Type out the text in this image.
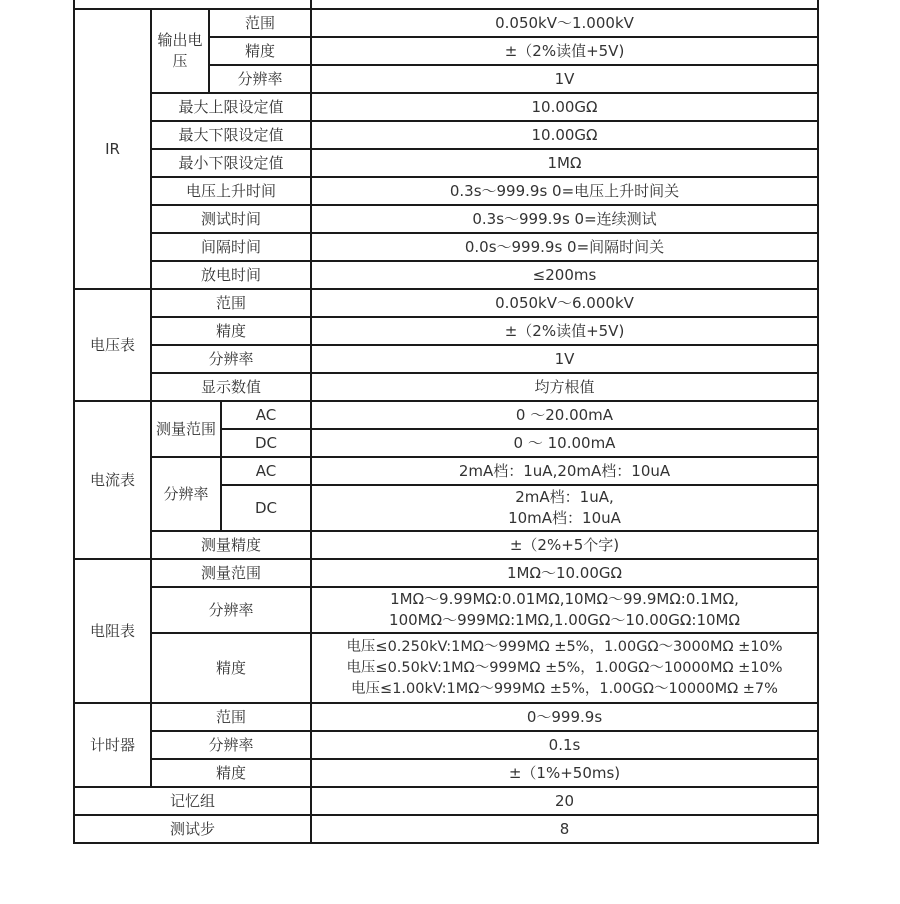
IR	输出电压	范围		0.050kV～1.000kV
		精度		±（2%读值+5V)
		分辨率		1V
	最大上限设定值			10.00GΩ
	最大下限设定值			10.00GΩ
	最小下限设定值			1MΩ
	电压上升时间			0.3s～999.9s 0=电压上升时间关
	测试时间			0.3s～999.9s 0=连续测试
	间隔时间			0.0s～999.9s 0=间隔时间关
	放电时间			≤200ms
电压表	范围			0.050kV～6.000kV
	精度			±（2%读值+5V)
	分辨率			1V
	显示数值			均方根值
电流表	测量范围		AC	0 ～20.00mA
			DC	0 ～ 10.00mA
	分辨率		AC	2mA档：1uA,20mA档：10uA
			DC	2mA档：1uA,
10mA档：10uA

	测量精度			±（2%+5个字)
电阻表	测量范围			1MΩ～10.00GΩ
	分辨率			1MΩ～9.99MΩ:0.01MΩ,10MΩ～99.9MΩ:0.1MΩ,
100MΩ～999MΩ:1MΩ,1.00GΩ～10.00GΩ:10MΩ

	精度			电压≤0.250kV:1MΩ～999MΩ ±5%，1.00GΩ～3000MΩ ±10%
电压≤0.50kV:1MΩ～999MΩ ±5%，1.00GΩ～10000MΩ ±10%
电压≤1.00kV:1MΩ～999MΩ ±5%，1.00GΩ～10000MΩ ±7%

计时器	范围			0～999.9s
	分辨率			0.1s
	精度			±（1%+50ms)
记忆组				20
测试步				8
